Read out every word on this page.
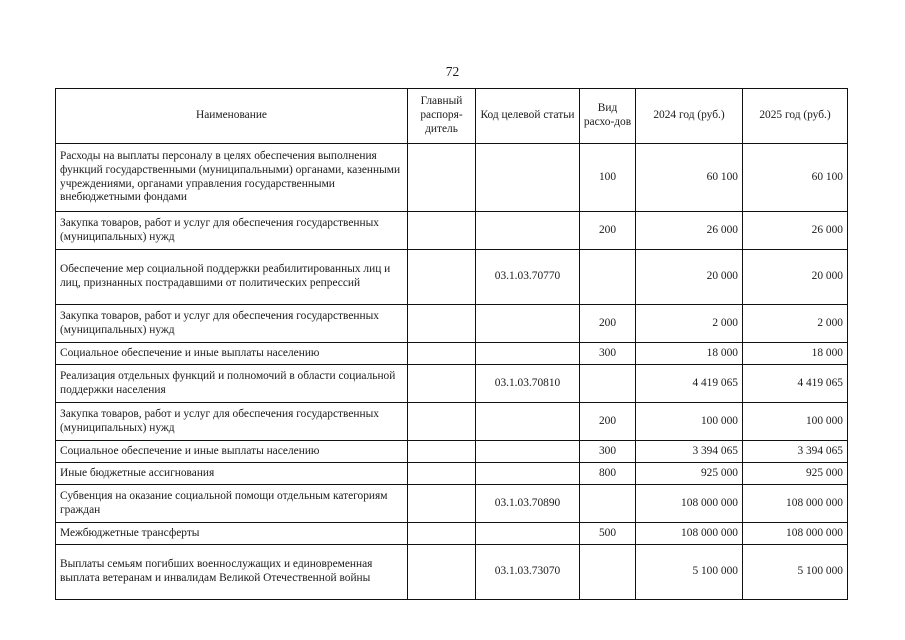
72
Наименование	Главный распоря-дитель	Код целевой статьи	Вид расхо-дов	2024 год (руб.)	2025 год (руб.)
Расходы на выплаты персоналу в целях обеспечения выполнения функций государственными (муниципальными) органами, казенными учреждениями, органами управления государственными внебюджетными фондами			100	60 100	60 100
Закупка товаров, работ и услуг для обеспечения государственных (муниципальных) нужд			200	26 000	26 000
Обеспечение мер социальной поддержки реабилитированных лиц и лиц, признанных пострадавшими от политических репрессий		03.1.03.70770		20 000	20 000
Закупка товаров, работ и услуг для обеспечения государственных (муниципальных) нужд			200	2 000	2 000
Социальное обеспечение и иные выплаты населению			300	18 000	18 000
Реализация отдельных функций и полномочий в области социальной поддержки населения		03.1.03.70810		4 419 065	4 419 065
Закупка товаров, работ и услуг для обеспечения государственных (муниципальных) нужд			200	100 000	100 000
Социальное обеспечение и иные выплаты населению			300	3 394 065	3 394 065
Иные бюджетные ассигнования			800	925 000	925 000
Субвенция на оказание социальной помощи отдельным категориям граждан		03.1.03.70890		108 000 000	108 000 000
Межбюджетные трансферты			500	108 000 000	108 000 000
Выплаты семьям погибших военнослужащих и единовременная выплата ветеранам и инвалидам Великой Отечественной войны		03.1.03.73070		5 100 000	5 100 000
